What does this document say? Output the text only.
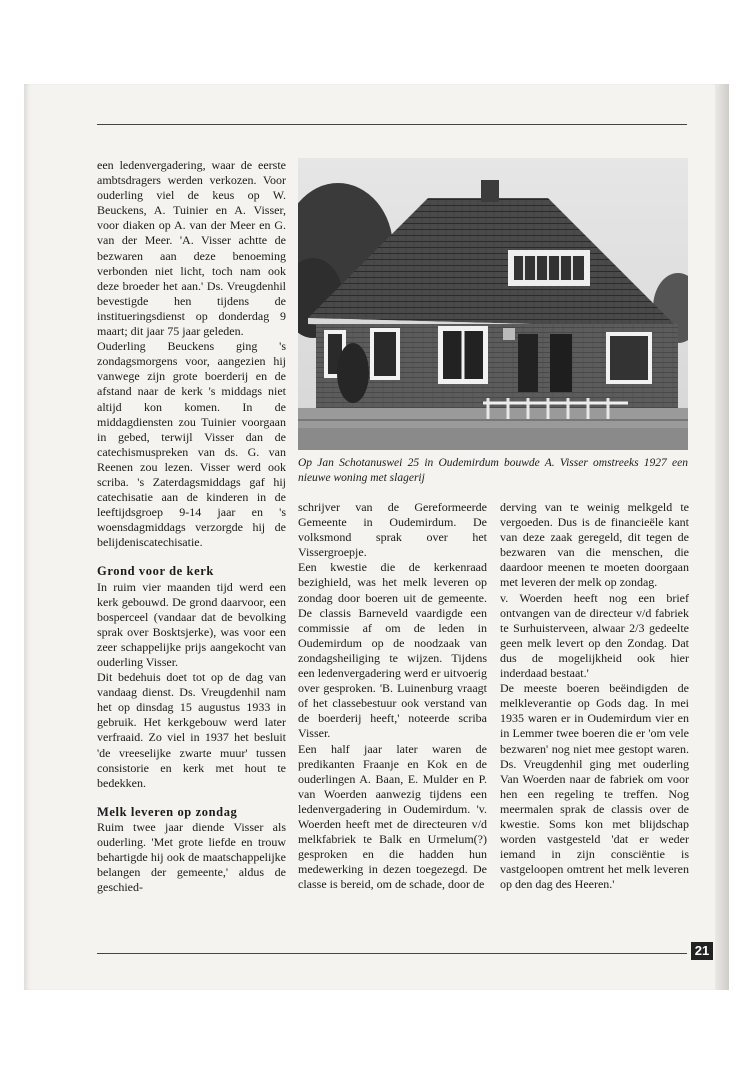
een ledenvergadering, waar de eerste ambtsdragers werden verkozen. Voor ouderling viel de keus op W. Beuckens, A. Tuinier en A. Visser, voor diaken op A. van der Meer en G. van der Meer. 'A. Visser achtte de bezwaren aan deze benoeming verbonden niet licht, toch nam ook deze broeder het aan.' Ds. Vreugdenhil bevestigde hen tijdens de institueringsdienst op donderdag 9 maart; dit jaar 75 jaar geleden.

Ouderling Beuckens ging 's zondagsmorgens voor, aangezien hij vanwege zijn grote boerderij en de afstand naar de kerk 's middags niet altijd kon komen. In de middagdiensten zou Tuinier voorgaan in gebed, terwijl Visser dan de catechismuspreken van ds. G. van Reenen zou lezen. Visser werd ook scriba. 's Zaterdagsmiddags gaf hij catechisatie aan de kinderen in de leeftijdsgroep 9-14 jaar en 's woensdagmiddags verzorgde hij de belijdeniscatechisatie.

Grond voor de kerk

In ruim vier maanden tijd werd een kerk gebouwd. De grond daarvoor, een bosperceel (vandaar dat de bevolking sprak over Bosktsjerke), was voor een zeer schappelijke prijs aangekocht van ouderling Visser.

Dit bedehuis doet tot op de dag van vandaag dienst. Ds. Vreugdenhil nam het op dinsdag 15 augustus 1933 in gebruik. Het kerkgebouw werd later verfraaid. Zo viel in 1937 het besluit 'de vreeselijke zwarte muur' tussen consistorie en kerk met hout te bedekken.

Melk leveren op zondag

Ruim twee jaar diende Visser als ouderling. 'Met grote liefde en trouw behartigde hij ook de maatschappelijke belangen der gemeente,' aldus de geschied-

Op Jan Schotanuswei 25 in Oudemirdum bouwde A. Visser omstreeks 1927 een nieuwe woning met slagerij

schrijver van de Gereformeerde Gemeente in Oudemirdum. De volksmond sprak over het Vissergroepje.

Een kwestie die de kerkenraad bezighield, was het melk leveren op zondag door boeren uit de gemeente. De classis Barneveld vaardigde een commissie af om de leden in Oudemirdum op de noodzaak van zondagsheiliging te wijzen. Tijdens een ledenvergadering werd er uitvoerig over gesproken. 'B. Luinenburg vraagt of het classebestuur ook verstand van de boerderij heeft,' noteerde scriba Visser.

Een half jaar later waren de predikanten Fraanje en Kok en de ouderlingen A. Baan, E. Mulder en P. van Woerden aanwezig tijdens een ledenvergadering in Oudemirdum. 'v. Woerden heeft met de directeuren v/d melkfabriek te Balk en Urmelum(?) gesproken en die hadden hun medewerking in dezen toegezegd. De classe is bereid, om de schade, door de

derving van te weinig melkgeld te vergoeden. Dus is de financieële kant van deze zaak geregeld, dit tegen de bezwaren van die menschen, die daardoor meenen te moeten doorgaan met leveren der melk op zondag.

v. Woerden heeft nog een brief ontvangen van de directeur v/d fabriek te Surhuisterveen, alwaar 2/3 gedeelte geen melk levert op den Zondag. Dat dus de mogelijkheid ook hier inderdaad bestaat.'

De meeste boeren beëindigden de melkleverantie op Gods dag. In mei 1935 waren er in Oudemirdum vier en in Lemmer twee boeren die er 'om vele bezwaren' nog niet mee gestopt waren. Ds. Vreugdenhil ging met ouderling Van Woerden naar de fabriek om voor hen een regeling te treffen. Nog meermalen sprak de classis over de kwestie. Soms kon met blijdschap worden vastgesteld 'dat er weder iemand in zijn consciëntie is vastgeloopen omtrent het melk leveren op den dag des Heeren.'

21
